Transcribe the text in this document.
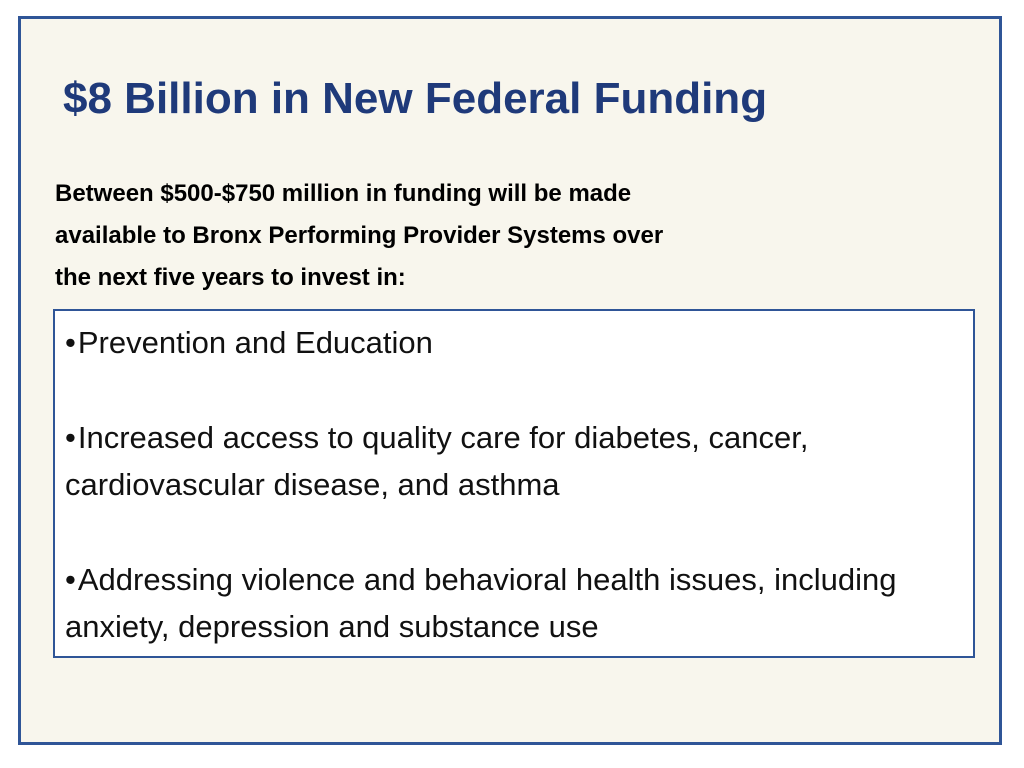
$8 Billion in New Federal Funding

Between $500-$750 million in funding will be made
available to Bronx Performing Provider Systems over
the next five years to invest in:

•Prevention and Education
•Increased access to quality care for diabetes, cancer, cardiovascular disease, and asthma
•Addressing violence and behavioral health issues, including anxiety, depression and substance use
